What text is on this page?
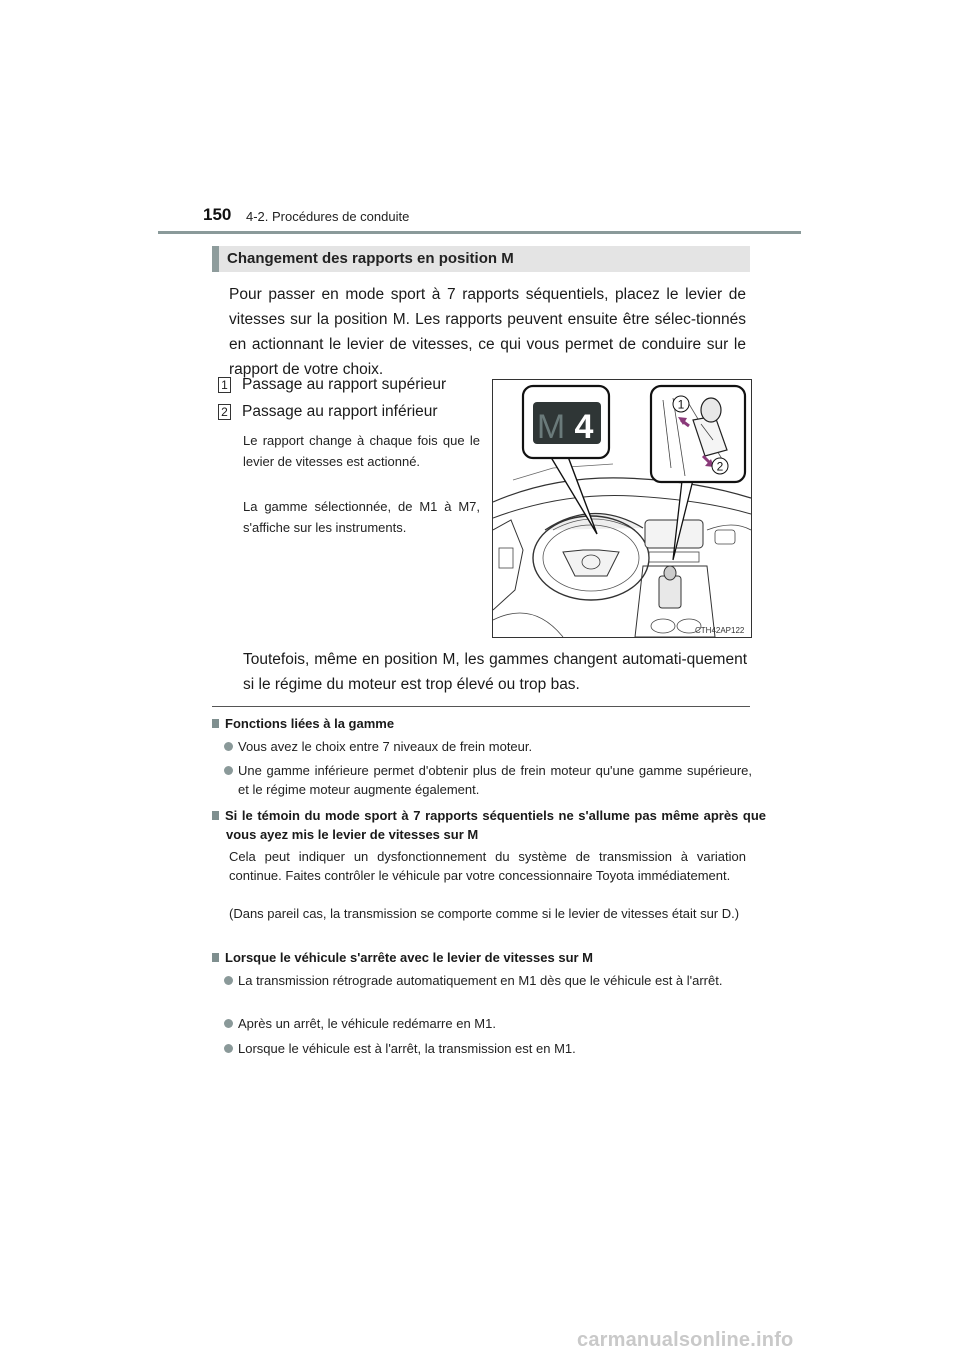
150 4-2. Procédures de conduite
Changement des rapports en position M
Pour passer en mode sport à 7 rapports séquentiels, placez le levier de vitesses sur la position M. Les rapports peuvent ensuite être sélec-tionnés en actionnant le levier de vitesses, ce qui vous permet de conduire sur le rapport de votre choix.
1 Passage au rapport supérieur
2 Passage au rapport inférieur
Le rapport change à chaque fois que le levier de vitesses est actionné.
La gamme sélectionnée, de M1 à M7, s'affiche sur les instruments.
M 4
1
2
CTH42AP122
Toutefois, même en position M, les gammes changent automati-quement si le régime du moteur est trop élevé ou trop bas.
Fonctions liées à la gamme
Vous avez le choix entre 7 niveaux de frein moteur.
Une gamme inférieure permet d'obtenir plus de frein moteur qu'une gamme supérieure, et le régime moteur augmente également.
Si le témoin du mode sport à 7 rapports séquentiels ne s'allume pas même après que vous ayez mis le levier de vitesses sur M
Cela peut indiquer un dysfonctionnement du système de transmission à variation continue. Faites contrôler le véhicule par votre concessionnaire Toyota immédiatement.
(Dans pareil cas, la transmission se comporte comme si le levier de vitesses était sur D.)
Lorsque le véhicule s'arrête avec le levier de vitesses sur M
La transmission rétrograde automatiquement en M1 dès que le véhicule est à l'arrêt.
Après un arrêt, le véhicule redémarre en M1.
Lorsque le véhicule est à l'arrêt, la transmission est en M1.
carmanualsonline.info
